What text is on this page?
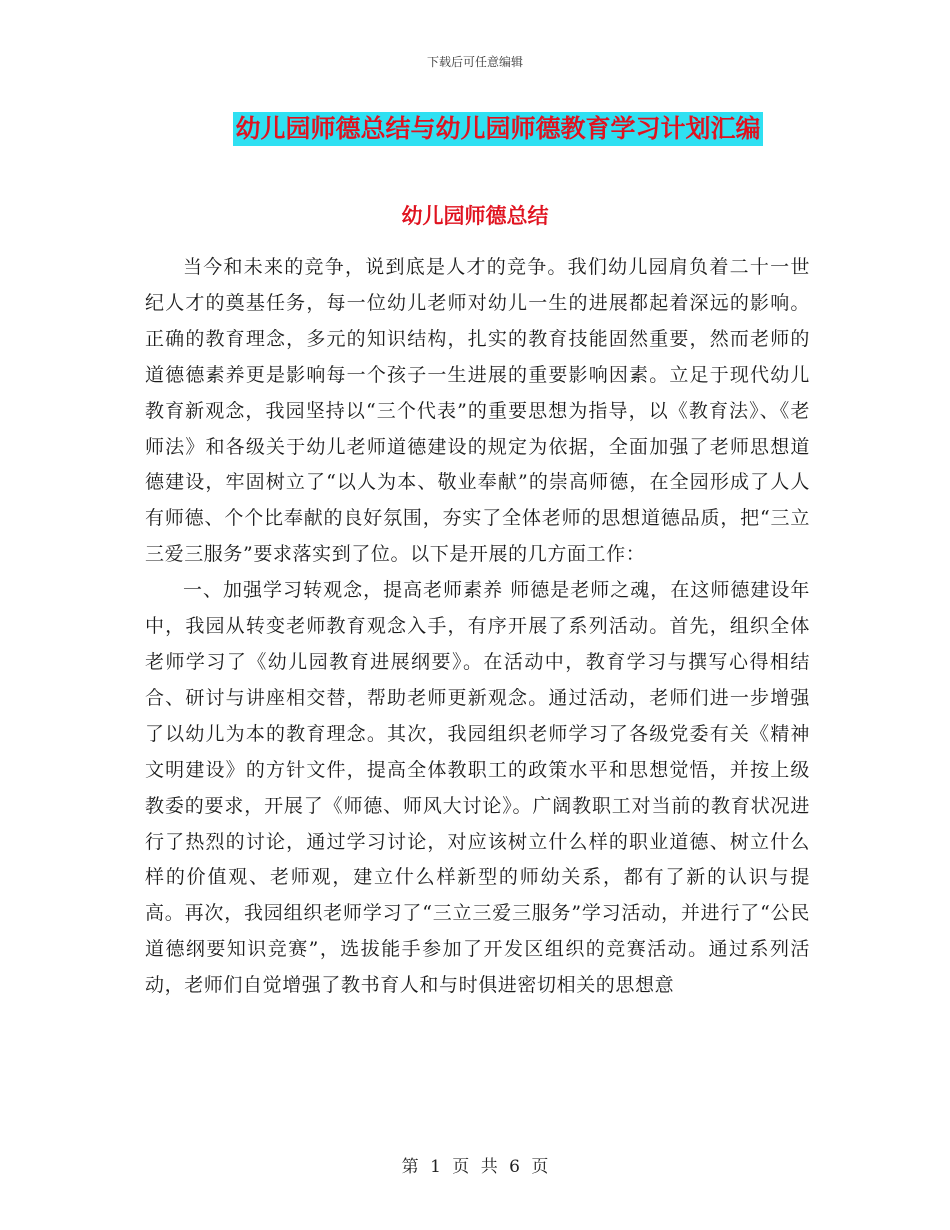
下载后可任意编辑
幼儿园师德总结与幼儿园师德教育学习计划汇编
幼儿园师德总结

当今和未来的竞争，说到底是人才的竞争。我们幼儿园肩负着二十一世纪人才的奠基任务，每一位幼儿老师对幼儿一生的进展都起着深远的影响。正确的教育理念，多元的知识结构，扎实的教育技能固然重要，然而老师的道德德素养更是影响每一个孩子一生进展的重要影响因素。立足于现代幼儿教育新观念，我园坚持以“三个代表”的重要思想为指导，以《教育法》、《老师法》和各级关于幼儿老师道德建设的规定为依据，全面加强了老师思想道德建设，牢固树立了“以人为本、敬业奉献”的崇高师德，在全园形成了人人有师德、个个比奉献的良好氛围，夯实了全体老师的思想道德品质，把“三立三爱三服务”要求落实到了位。以下是开展的几方面工作：

一、加强学习转观念，提高老师素养 师德是老师之魂，在这师德建设年中，我园从转变老师教育观念入手，有序开展了系列活动。首先，组织全体老师学习了《幼儿园教育进展纲要》。在活动中，教育学习与撰写心得相结合、研讨与讲座相交替，帮助老师更新观念。通过活动，老师们进一步增强了以幼儿为本的教育理念。其次，我园组织老师学习了各级党委有关《精神文明建设》的方针文件，提高全体教职工的政策水平和思想觉悟，并按上级教委的要求，开展了《师德、师风大讨论》。广阔教职工对当前的教育状况进行了热烈的讨论，通过学习讨论，对应该树立什么样的职业道德、树立什么样的价值观、老师观，建立什么样新型的师幼关系，都有了新的认识与提高。再次，我园组织老师学习了“三立三爱三服务”学习活动，并进行了“公民道德纲要知识竞赛”，选拔能手参加了开发区组织的竞赛活动。通过系列活动，老师们自觉增强了教书育人和与时俱进密切相关的思想意

第 1 页 共 6 页
